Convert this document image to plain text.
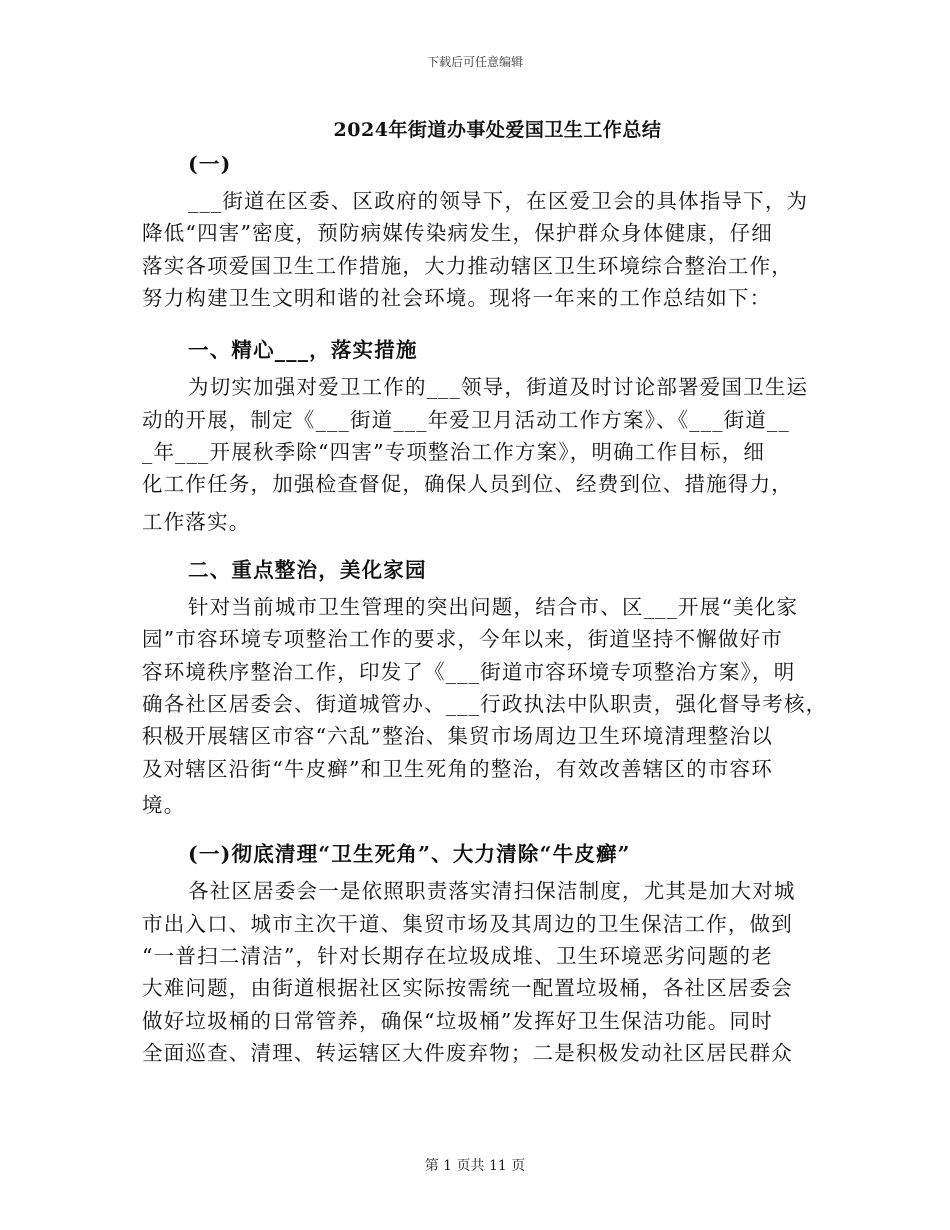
下载后可任意编辑
2024年街道办事处爱国卫生工作总结
(一)
___街道在区委、区政府的领导下，在区爱卫会的具体指导下，为
降低“四害”密度，预防病媒传染病发生，保护群众身体健康，仔细
落实各项爱国卫生工作措施，大力推动辖区卫生环境综合整治工作，
努力构建卫生文明和谐的社会环境。现将一年来的工作总结如下：
一、精心___，落实措施
为切实加强对爱卫工作的___领导，街道及时讨论部署爱国卫生运
动的开展，制定《___街道___年爱卫月活动工作方案》、《___街道__
_年___开展秋季除“四害”专项整治工作方案》，明确工作目标，细
化工作任务，加强检查督促，确保人员到位、经费到位、措施得力，
工作落实。
二、重点整治，美化家园
针对当前城市卫生管理的突出问题，结合市、区___开展“美化家
园”市容环境专项整治工作的要求，今年以来，街道坚持不懈做好市
容环境秩序整治工作，印发了《___街道市容环境专项整治方案》，明
确各社区居委会、街道城管办、___行政执法中队职责，强化督导考核，
积极开展辖区市容“六乱”整治、集贸市场周边卫生环境清理整治以
及对辖区沿街“牛皮癣”和卫生死角的整治，有效改善辖区的市容环
境。
(一)彻底清理“卫生死角”、大力清除“牛皮癣”
各社区居委会一是依照职责落实清扫保洁制度，尤其是加大对城
市出入口、城市主次干道、集贸市场及其周边的卫生保洁工作，做到
“一普扫二清洁”，针对长期存在垃圾成堆、卫生环境恶劣问题的老
大难问题，由街道根据社区实际按需统一配置垃圾桶，各社区居委会
做好垃圾桶的日常管养，确保“垃圾桶”发挥好卫生保洁功能。同时
全面巡查、清理、转运辖区大件废弃物；二是积极发动社区居民群众
第 1 页共 11 页
